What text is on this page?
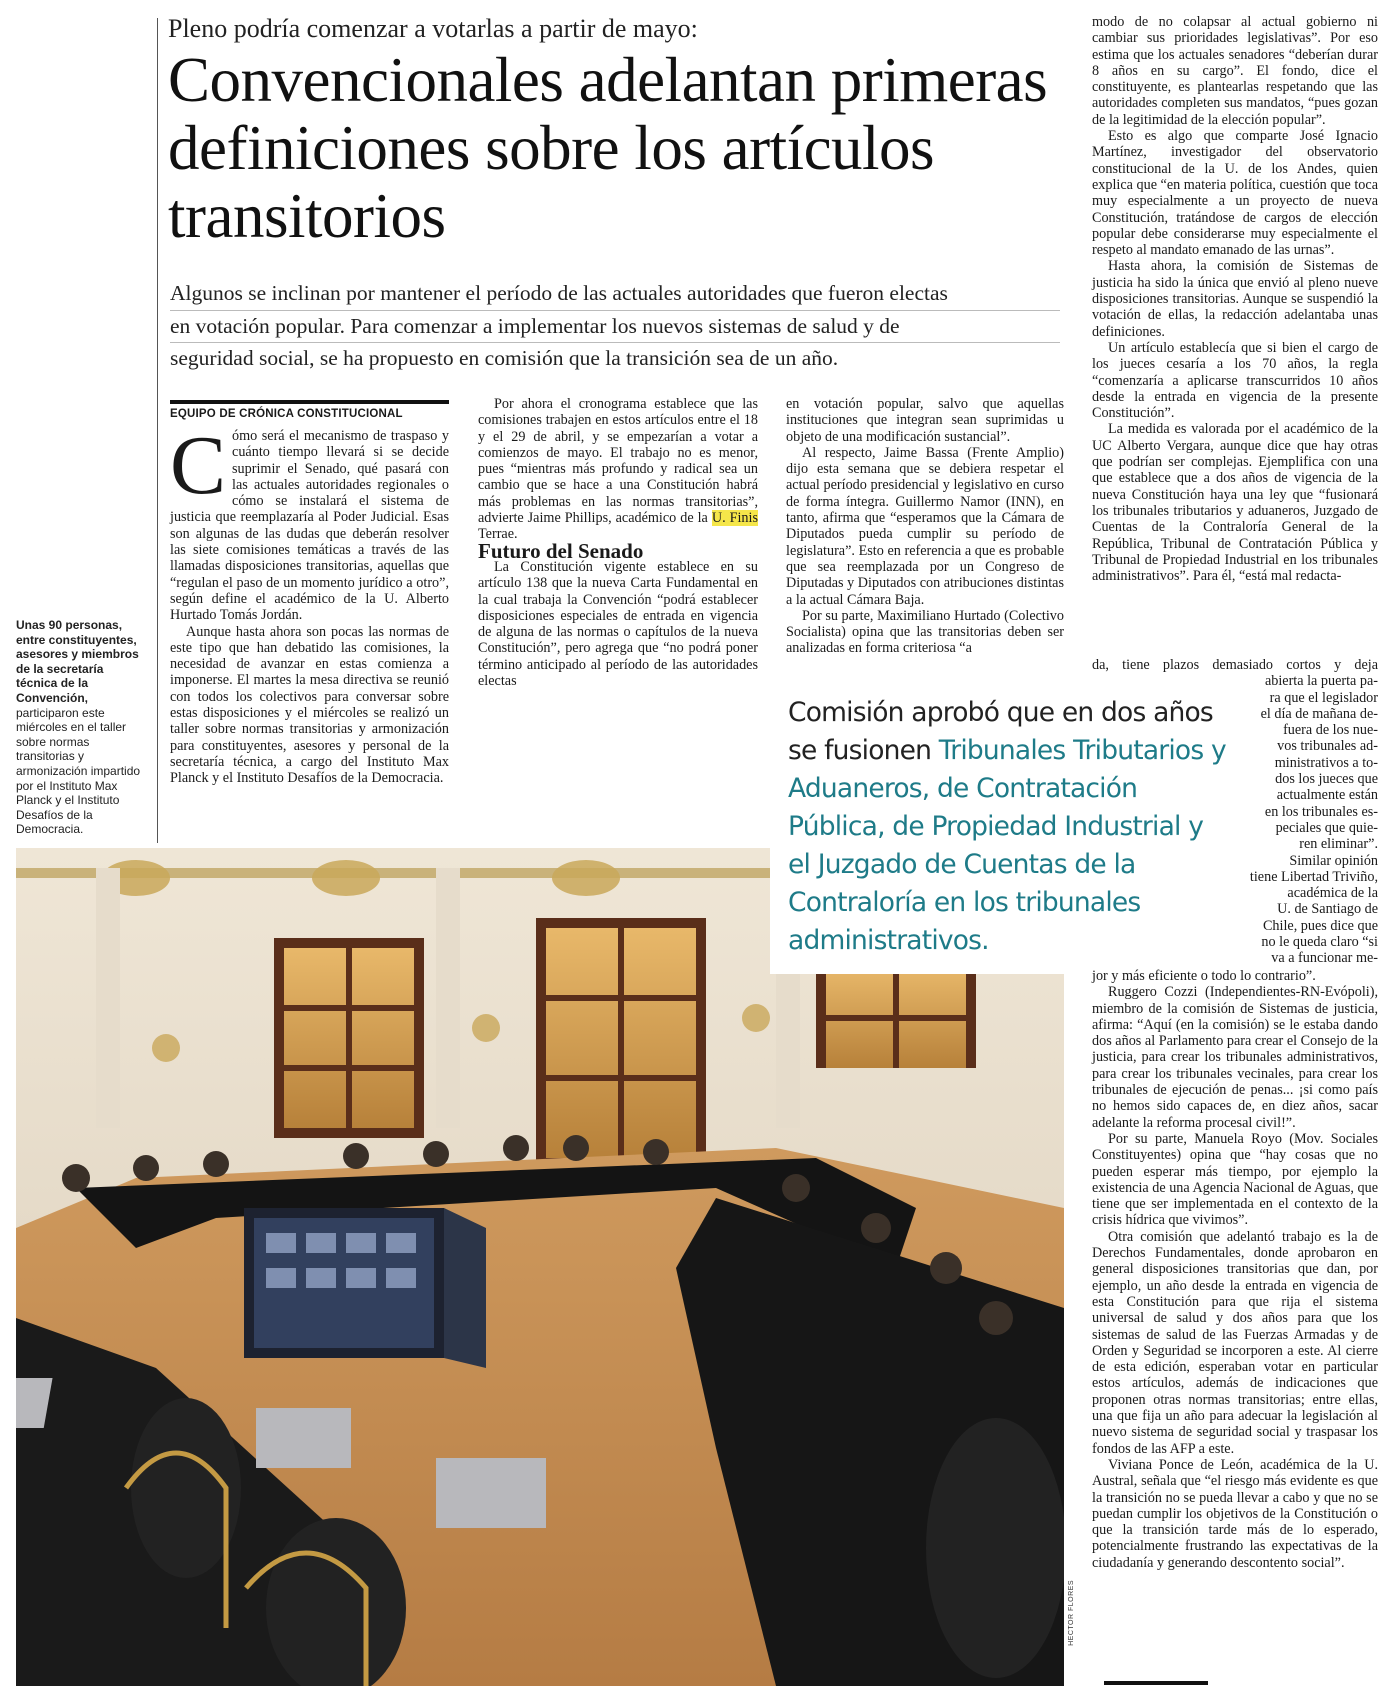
Pleno podría comenzar a votarlas a partir de mayo:
Convencionales adelantan primeras definiciones sobre los artículos transitorios
Algunos se inclinan por mantener el período de las actuales autoridades que fueron electas
en votación popular. Para comenzar a implementar los nuevos sistemas de salud y de
seguridad social, se ha propuesto en comisión que la transición sea de un año.
EQUIPO DE CRÓNICA CONSTITUCIONAL

Cómo será el mecanismo de traspaso y cuánto tiempo llevará si se decide suprimir el Senado, qué pasará con las actuales autoridades regionales o cómo se instalará el sistema de justicia que reemplazaría al Poder Judicial. Esas son algunas de las dudas que deberán resolver las siete comisiones temáticas a través de las llamadas disposiciones transitorias, aquellas que “regulan el paso de un momento jurídico a otro”, según define el académico de la U. Alberto Hurtado Tomás Jordán.

Aunque hasta ahora son pocas las normas de este tipo que han debatido las comisiones, la necesidad de avanzar en estas comienza a imponerse. El martes la mesa directiva se reunió con todos los colectivos para conversar sobre estas disposiciones y el miércoles se realizó un taller sobre normas transitorias y armonización para constituyentes, asesores y personal de la secretaría técnica, a cargo del Instituto Max Planck y el Instituto Desafíos de la Democracia.

Por ahora el cronograma establece que las comisiones trabajen en estos artículos entre el 18 y el 29 de abril, y se empezarían a votar a comienzos de mayo. El trabajo no es menor, pues “mientras más profundo y radical sea un cambio que se hace a una Constitución habrá más problemas en las normas transitorias”, advierte Jaime Phillips, académico de la U. Finis Terrae.

Futuro del Senado

La Constitución vigente establece en su artículo 138 que la nueva Carta Fundamental en la cual trabaja la Convención “podrá establecer disposiciones especiales de entrada en vigencia de alguna de las normas o capítulos de la nueva Constitución”, pero agrega que “no podrá poner término anticipado al período de las autoridades electas

en votación popular, salvo que aquellas instituciones que integran sean suprimidas u objeto de una modificación sustancial”.

Al respecto, Jaime Bassa (Frente Amplio) dijo esta semana que se debiera respetar el actual período presidencial y legislativo en curso de forma íntegra. Guillermo Namor (INN), en tanto, afirma que “esperamos que la Cámara de Diputados pueda cumplir su período de legislatura”. Esto en referencia a que es probable que sea reemplazada por un Congreso de Diputadas y Diputados con atribuciones distintas a la actual Cámara Baja.

Por su parte, Maximiliano Hurtado (Colectivo Socialista) opina que las transitorias deben ser analizadas en forma criteriosa “a

modo de no colapsar al actual gobierno ni cambiar sus prioridades legislativas”. Por eso estima que los actuales senadores “deberían durar 8 años en su cargo”. El fondo, dice el constituyente, es plantearlas respetando que las autoridades completen sus mandatos, “pues gozan de la legitimidad de la elección popular”.

Esto es algo que comparte José Ignacio Martínez, investigador del observatorio constitucional de la U. de los Andes, quien explica que “en materia política, cuestión que toca muy especialmente a un proyecto de nueva Constitución, tratándose de cargos de elección popular debe considerarse muy especialmente el respeto al mandato emanado de las urnas”.

Hasta ahora, la comisión de Sistemas de justicia ha sido la única que envió al pleno nueve disposiciones transitorias. Aunque se suspendió la votación de ellas, la redacción adelantaba unas definiciones.

Un artículo establecía que si bien el cargo de los jueces cesaría a los 70 años, la regla “comenzaría a aplicarse transcurridos 10 años desde la entrada en vigencia de la presente Constitución”.

La medida es valorada por el académico de la UC Alberto Vergara, aunque dice que hay otras que podrían ser complejas. Ejemplifica con una que establece que a dos años de vigencia de la nueva Constitución haya una ley que “fusionará los tribunales tributarios y aduaneros, Juzgado de Cuentas de la Contraloría General de la República, Tribunal de Contratación Pública y Tribunal de Propiedad Industrial en los tribunales administrativos”. Para él, “está mal redacta-

da, tiene plazos demasiado cortos y deja
abierta la puerta pa-
ra que el legislador
el día de mañana de-
fuera de los nue-
vos tribunales ad-
ministrativos a to-
dos los jueces que
actualmente están
en los tribunales es-
peciales que quie-
ren eliminar”.
Similar opinión
tiene Libertad Triviño,
académica de la
U. de Santiago de
Chile, pues dice que
no le queda claro “si
va a funcionar me-

jor y más eficiente o todo lo contrario”.

Ruggero Cozzi (Independientes-RN-Evópoli), miembro de la comisión de Sistemas de justicia, afirma: “Aquí (en la comisión) se le estaba dando dos años al Parlamento para crear el Consejo de la justicia, para crear los tribunales administrativos, para crear los tribunales vecinales, para crear los tribunales de ejecución de penas... ¡si como país no hemos sido capaces de, en diez años, sacar adelante la reforma procesal civil!”.

Por su parte, Manuela Royo (Mov. Sociales Constituyentes) opina que “hay cosas que no pueden esperar más tiempo, por ejemplo la existencia de una Agencia Nacional de Aguas, que tiene que ser implementada en el contexto de la crisis hídrica que vivimos”.

Otra comisión que adelantó trabajo es la de Derechos Fundamentales, donde aprobaron en general disposiciones transitorias que dan, por ejemplo, un año desde la entrada en vigencia de esta Constitución para que rija el sistema universal de salud y dos años para que los sistemas de salud de las Fuerzas Armadas y de Orden y Seguridad se incorporen a este. Al cierre de esta edición, esperaban votar en particular estos artículos, además de indicaciones que proponen otras normas transitorias; entre ellas, una que fija un año para adecuar la legislación al nuevo sistema de seguridad social y traspasar los fondos de las AFP a este.

Viviana Ponce de León, académica de la U. Austral, señala que “el riesgo más evidente es que la transición no se pueda llevar a cabo y que no se puedan cumplir los objetivos de la Constitución o que la transición tarde más de lo esperado, potencialmente frustrando las expectativas de la ciudadanía y generando descontento social”.

Unas 90 personas, entre constituyentes, asesores y miembros de la secretaría técnica de la Convención, participaron este miércoles en el taller sobre normas transitorias y armonización impartido por el Instituto Max Planck y el Instituto Desafíos de la Democracia.
Comisión aprobó que en dos años se fusionen Tribunales Tributarios y Aduaneros, de Contratación Pública, de Propiedad Industrial y el Juzgado de Cuentas de la Contraloría en los tribunales administrativos.
HECTOR FLORES
